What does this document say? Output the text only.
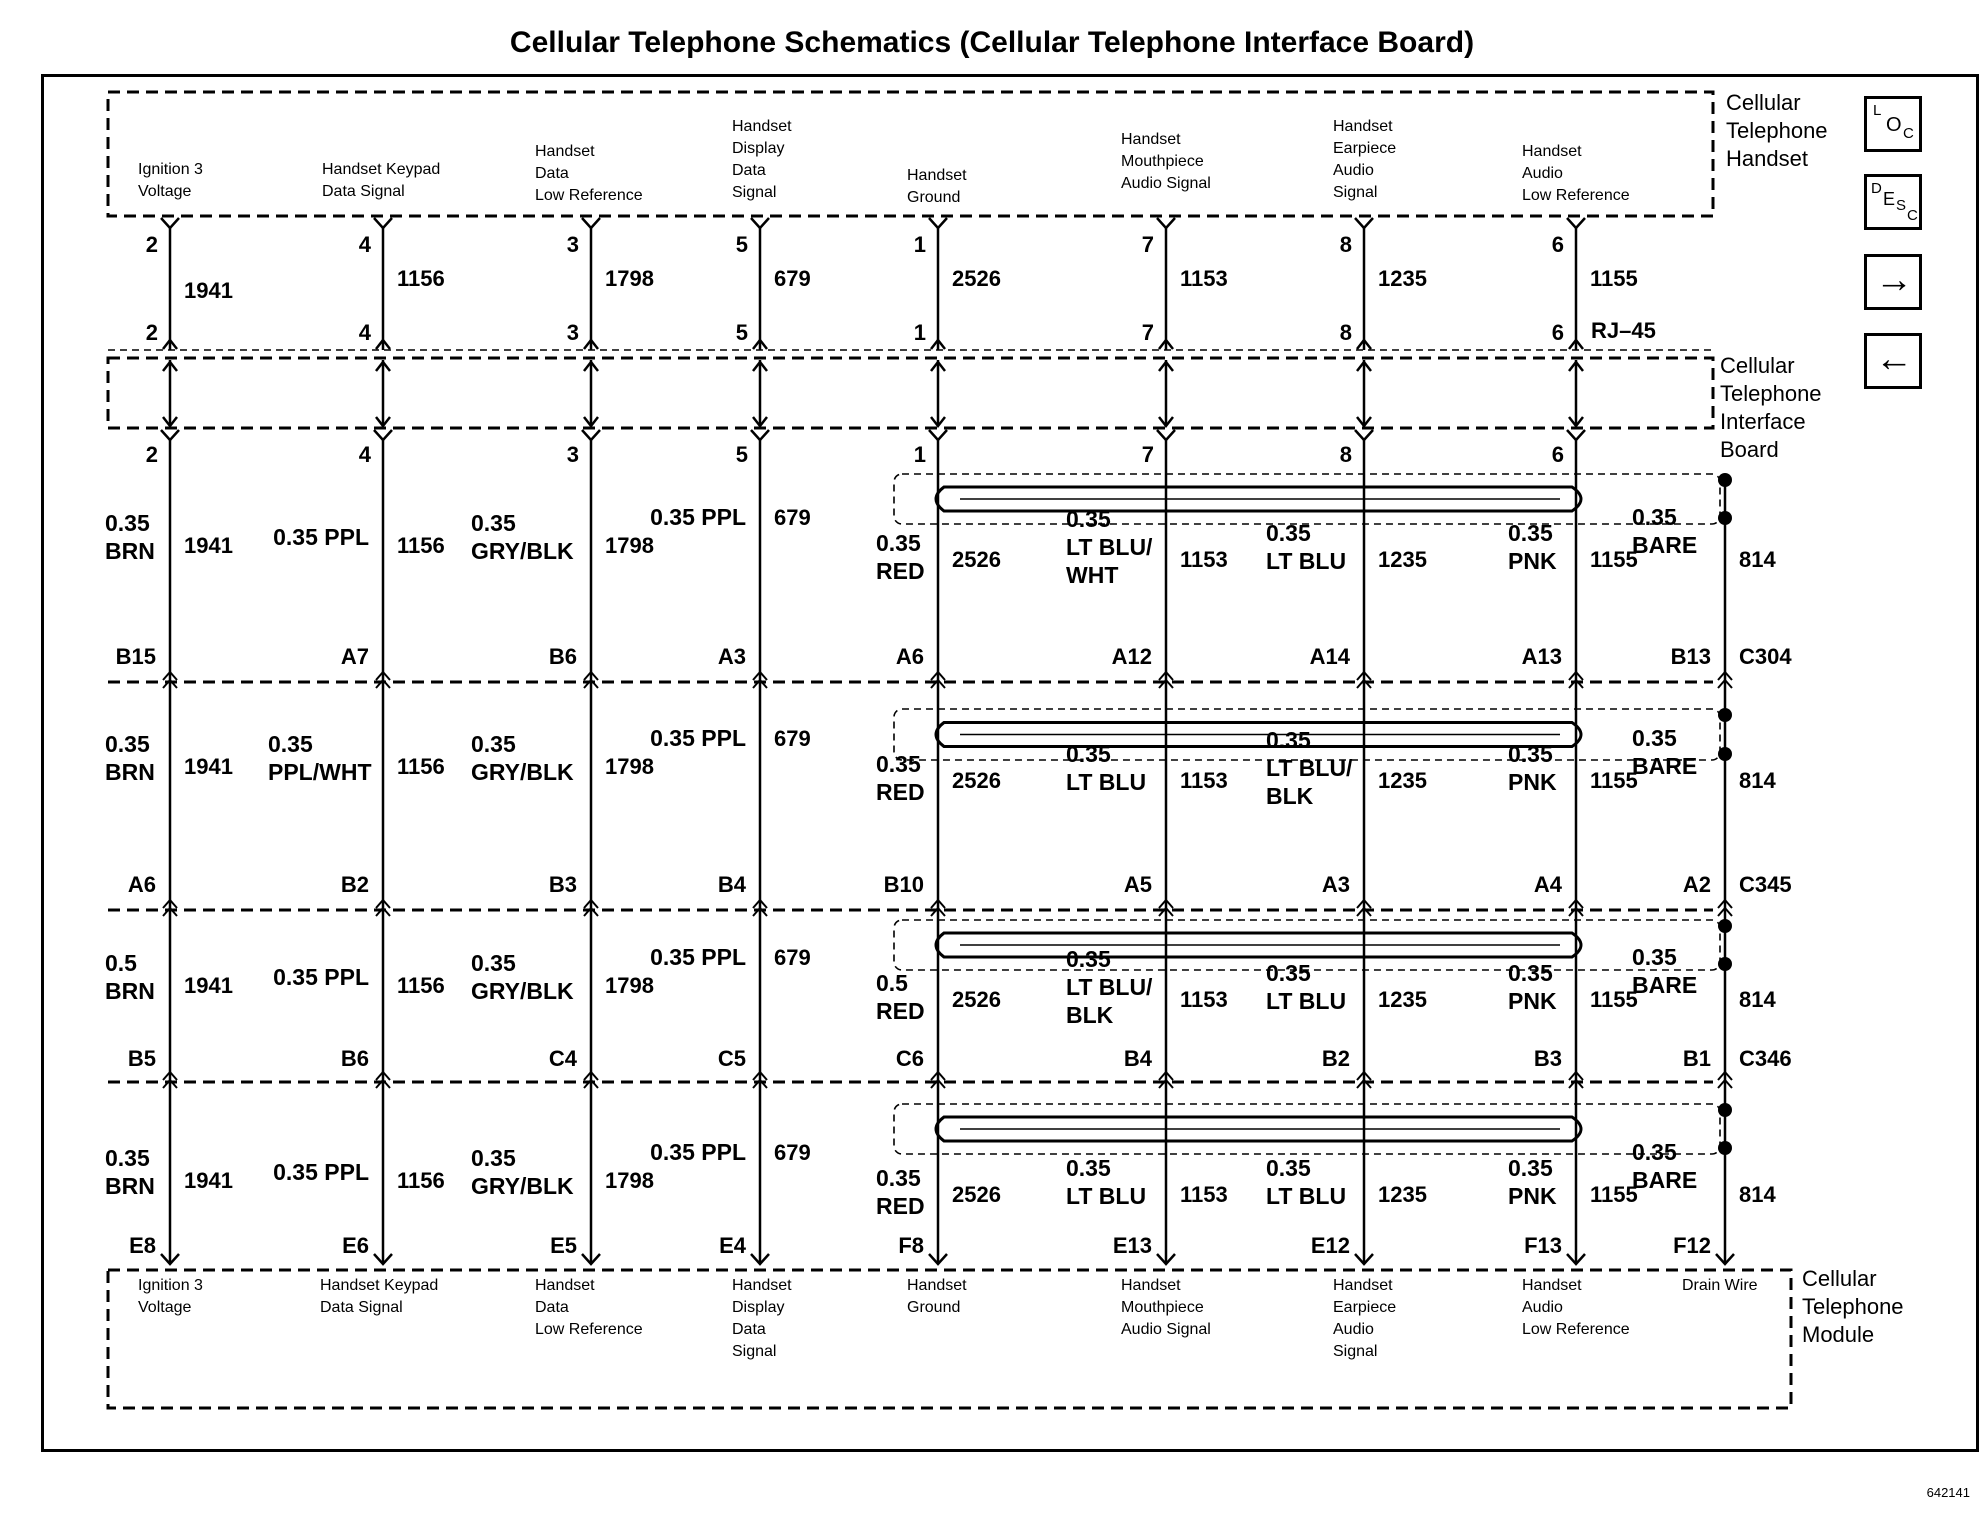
Cellular Telephone Schematics (Cellular Telephone Interface Board)
Cellular
Telephone
Handset
Cellular
Telephone
Interface
Board
Cellular
Telephone
Module
RJ–45
Ignition 3
Voltage
Ignition 3
Voltage
2
2
1941
2
Handset Keypad
Data Signal
Handset Keypad
Data Signal
4
4
1156
4
Handset
Data
Low Reference
Handset
Data
Low Reference
3
3
1798
3
Handset
Display
Data
Signal
Handset
Display
Data
Signal
5
5
679
5
Handset
Ground
Handset
Ground
1
1
2526
1
Handset
Mouthpiece
Audio Signal
Handset
Mouthpiece
Audio Signal
7
7
1153
7
Handset
Earpiece
Audio
Signal
Handset
Earpiece
Audio
Signal
8
8
1235
8
Handset
Audio
Low Reference
Handset
Audio
Low Reference
6
6
1155
6
Drain Wire
0.35
BRN 1941
B15
0.35 PPL 1156
A7
0.35
GRY/BLK 1798
B6
0.35 PPL 679
A3
0.35
RED 2526
A6
0.35
LT BLU/
WHT
1153
A12
0.35
LT BLU 1235
A14
0.35
PNK 1155
A13
0.35
BARE
814
B13 C304
0.35
BRN 1941
A6
0.35
PPL/WHT 1156
B2
0.35
GRY/BLK 1798
B3
0.35 PPL 679
B4
0.35
RED 2526
B10
0.35
LT BLU 1153
A5
0.35
LT BLU/
BLK
1235
A3
0.35
PNK 1155
A4
0.35
BARE
814
A2 C345
0.5
BRN 1941
B5
0.35 PPL 1156
B6
0.35
GRY/BLK 1798
C4
0.35 PPL 679
C5
0.5
RED 2526
C6
0.35
LT BLU/
BLK
1153
B4
0.35
LT BLU 1235
B2
0.35
PNK 1155
B3
0.35
BARE
814
B1 C346
0.35
BRN 1941
E8
0.35 PPL 1156
E6
0.35
GRY/BLK 1798
E5
0.35 PPL 679
E4
0.35
RED 2526
F8
0.35
LT BLU 1153
E13
0.35
LT BLU 1235
E12
0.35
PNK 1155
F13
0.35
BARE
814
F12
L
O C
D
E S
C
→
←
642141
